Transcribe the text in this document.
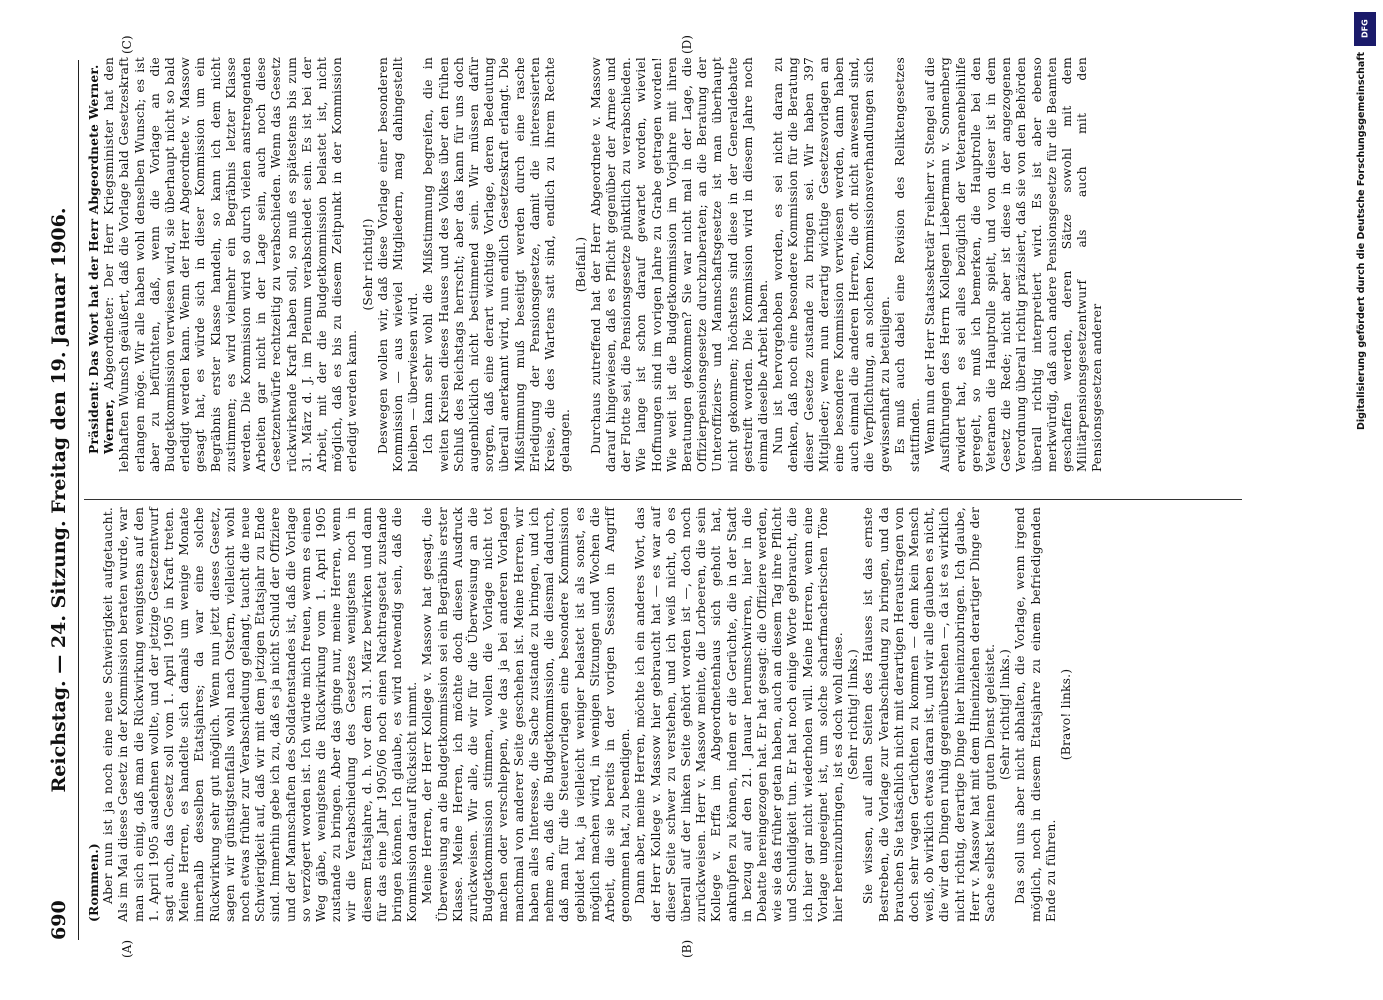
690
Reichstag. — 24. Sitzung. Freitag den 19. Januar 1906.
(A)	(B)
(C)	(D)

(Rommen.) Aber nun ist ja noch eine neue Schwierigkeit aufgetaucht. Als im Mai dieses Gesetz in der Kommission beraten wurde, war man sich einig, daß man die Rückwirkung wenigstens auf den 1. April 1905 ausdehnen wollte, und der jetzige Gesetzentwurf sagt auch, das Gesetz soll vom 1. April 1905 in Kraft treten. Meine Herren, es handelte sich damals um wenige Monate innerhalb desselben Etatsjahres; da war eine solche Rückwirkung sehr gut möglich. Wenn nun jetzt dieses Gesetz, sagen wir günstigstenfalls wohl nach Ostern, vielleicht wohl noch etwas früher zur Verabschiedung gelangt, taucht die neue Schwierigkeit auf, daß wir mit dem jetzigen Etatsjahr zu Ende sind. Immerhin gebe ich zu, daß es ja nicht Schuld der Offiziere und der Mannschaften des Soldatenstandes ist, daß die Vorlage so verzögert worden ist. Ich würde mich freuen, wenn es einen Weg gäbe, wenigstens die Rückwirkung vom 1. April 1905 zustande zu bringen. Aber das ginge nur, meine Herren, wenn wir die Verabschiedung des Gesetzes wenigstens noch in diesem Etatsjahre, d. h. vor dem 31. März bewirken und dann für das eine Jahr 1905/06 noch einen Nachtragsetat zustande bringen können. Ich glaube, es wird notwendig sein, daß die Kommission darauf Rücksicht nimmt. Meine Herren, der Herr Kollege v. Massow hat gesagt, die Überweisung an die Budgetkommission sei ein Begräbnis erster Klasse. Meine Herren, ich möchte doch diesen Ausdruck zurückweisen. Wir alle, die wir für die Überweisung an die Budgetkommission stimmen, wollen die Vorlage nicht tot machen oder verschleppen, wie das ja bei anderen Vorlagen manchmal von anderer Seite geschehen ist. Meine Herren, wir haben alles Interesse, die Sache zustande zu bringen, und ich nehme an, daß die Budgetkommission, die diesmal dadurch, daß man für die Steuervorlagen eine besondere Kommission gebildet hat, ja vielleicht weniger belastet ist als sonst, es möglich machen wird, in wenigen Sitzungen und Wochen die Arbeit, die sie bereits in der vorigen Session in Angriff genommen hat, zu beendigen. Dann aber, meine Herren, möchte ich ein anderes Wort, das der Herr Kollege v. Massow hier gebraucht hat — es war auf dieser Seite schwer zu verstehen, und ich weiß nicht, ob es überall auf der linken Seite gehört worden ist —, doch noch zurückweisen. Herr v. Massow meinte, die Lorbeeren, die sein Kollege v. Erffa im Abgeordnetenhaus sich geholt hat, anknüpfen zu können, indem er die Gerüchte, die in der Stadt in bezug auf den 21. Januar herumschwirren, hier in die Debatte hereingezogen hat. Er hat gesagt: die Offiziere werden, wie sie das früher getan haben, auch an diesem Tag ihre Pflicht und Schuldigkeit tun. Er hat noch einige Worte gebraucht, die ich hier gar nicht wiederholen will. Meine Herren, wenn eine Vorlage ungeeignet ist, um solche scharfmacherischen Töne hier hereinzubringen, ist es doch wohl diese. (Sehr richtig! links.) Sie wissen, auf allen Seiten des Hauses ist das ernste Bestreben, die Vorlage zur Verabschiedung zu bringen, und da brauchen Sie tatsächlich nicht mit derartigen Heraustragen von doch sehr vagen Gerüchten zu kommen — denn kein Mensch weiß, ob wirklich etwas daran ist, und wir alle glauben es nicht, die wir den Dingen ruhig gegenüberstehen —, da ist es wirklich nicht richtig, derartige Dinge hier hineinzubringen. Ich glaube, Herr v. Massow hat mit dem Hineinziehen derartiger Dinge der Sache selbst keinen guten Dienst geleistet. (Sehr richtig! links.) Das soll uns aber nicht abhalten, die Vorlage, wenn irgend möglich, noch in diesem Etatsjahre zu einem befriedigenden Ende zu führen.

(Bravo! links.)

Präsident: Das Wort hat der Herr Abgeordnete Werner. Werner, Abgeordneter: Der Herr Kriegsminister hat den lebhaften Wunsch geäußert, daß die Vorlage bald Gesetzeskraft erlangen möge. Wir alle haben wohl denselben Wunsch; es ist aber zu befürchten, daß, wenn die Vorlage an die Budgetkommission verwiesen wird, sie überhaupt nicht so bald erledigt werden kann. Wenn der Herr Abgeordnete v. Massow gesagt hat, es würde sich in dieser Kommission um ein Begräbnis erster Klasse handeln, so kann ich dem nicht zustimmen; es wird vielmehr ein Begräbnis letzter Klasse werden. Die Kommission wird so durch vielen anstrengenden Arbeiten gar nicht in der Lage sein, auch noch diese Gesetzentwürfe rechtzeitig zu verabschieden. Wenn das Gesetz rückwirkende Kraft haben soll, so muß es spätestens bis zum 31. März d. J. im Plenum verabschiedet sein. Es ist bei der Arbeit, mit der die Budgetkommission belastet ist, nicht möglich, daß es bis zu diesem Zeitpunkt in der Kommission erledigt werden kann.

(Sehr richtig!) Deswegen wollen wir, daß diese Vorlage einer besonderen Kommission — aus wieviel Mitgliedern, mag dahingestellt bleiben — überwiesen wird. Ich kann sehr wohl die Mißstimmung begreifen, die in weiten Kreisen dieses Hauses und des Volkes über den frühen Schluß des Reichstags herrscht; aber das kann für uns doch augenblicklich nicht bestimmend sein. Wir müssen dafür sorgen, daß eine derart wichtige Vorlage, deren Bedeutung überall anerkannt wird, nun endlich Gesetzeskraft erlangt. Die Mißstimmung muß beseitigt werden durch eine rasche Erledigung der Pensionsgesetze, damit die interessierten Kreise, die des Wartens satt sind, endlich zu ihrem Rechte gelangen.

(Beifall.) Durchaus zutreffend hat der Herr Abgeordnete v. Massow darauf hingewiesen, daß es Pflicht gegenüber der Armee und der Flotte sei, die Pensionsgesetze pünktlich zu verabschieden. Wie lange ist schon darauf gewartet worden, wieviel Hoffnungen sind im vorigen Jahre zu Grabe getragen worden! Wie weit ist die Budgetkommission im Vorjahre mit ihren Beratungen gekommen? Sie war nicht mal in der Lage, die Offizierpensionsgesetze durchzuberaten; an die Beratung der Unteroffiziers- und Mannschaftsgesetze ist man überhaupt nicht gekommen; höchstens sind diese in der Generaldebatte gestreift worden. Die Kommission wird in diesem Jahre noch einmal dieselbe Arbeit haben. Nun ist hervorgehoben worden, es sei nicht daran zu denken, daß noch eine besondere Kommission für die Beratung dieser Gesetze zustande zu bringen sei. Wir haben 397 Mitglieder; wenn nun derartig wichtige Gesetzesvorlagen an eine besondere Kommission verwiesen werden, dann haben auch einmal die anderen Herren, die oft nicht anwesend sind, die Verpflichtung, an solchen Kommissionsverhandlungen sich gewissenhaft zu beteiligen. Es muß auch dabei eine Revision des Reliktengesetzes stattfinden. Wenn nun der Herr Staatssekretär Freiherr v. Stengel auf die Ausführungen des Herrn Kollegen Liebermann v. Sonnenberg erwidert hat, es sei alles bezüglich der Veteranenbeihilfe geregelt, so muß ich bemerken, die Hauptrolle bei den Veteranen die Hauptrolle spielt, und von dieser ist in dem Gesetz die Rede; nicht aber ist diese in der angezogenen Verordnung überall richtig präzisiert, daß sie von den Behörden überall richtig interpretiert wird. Es ist aber ebenso merkwürdig, daß auch andere Pensionsgesetze für die Beamten geschaffen werden, deren Sätze sowohl mit dem Militärpensionsgesetzentwurf als auch mit den Pensionsgesetzen anderer

DFG
Digitalisierung gefördert durch die Deutsche Forschungsgemeinschaft
